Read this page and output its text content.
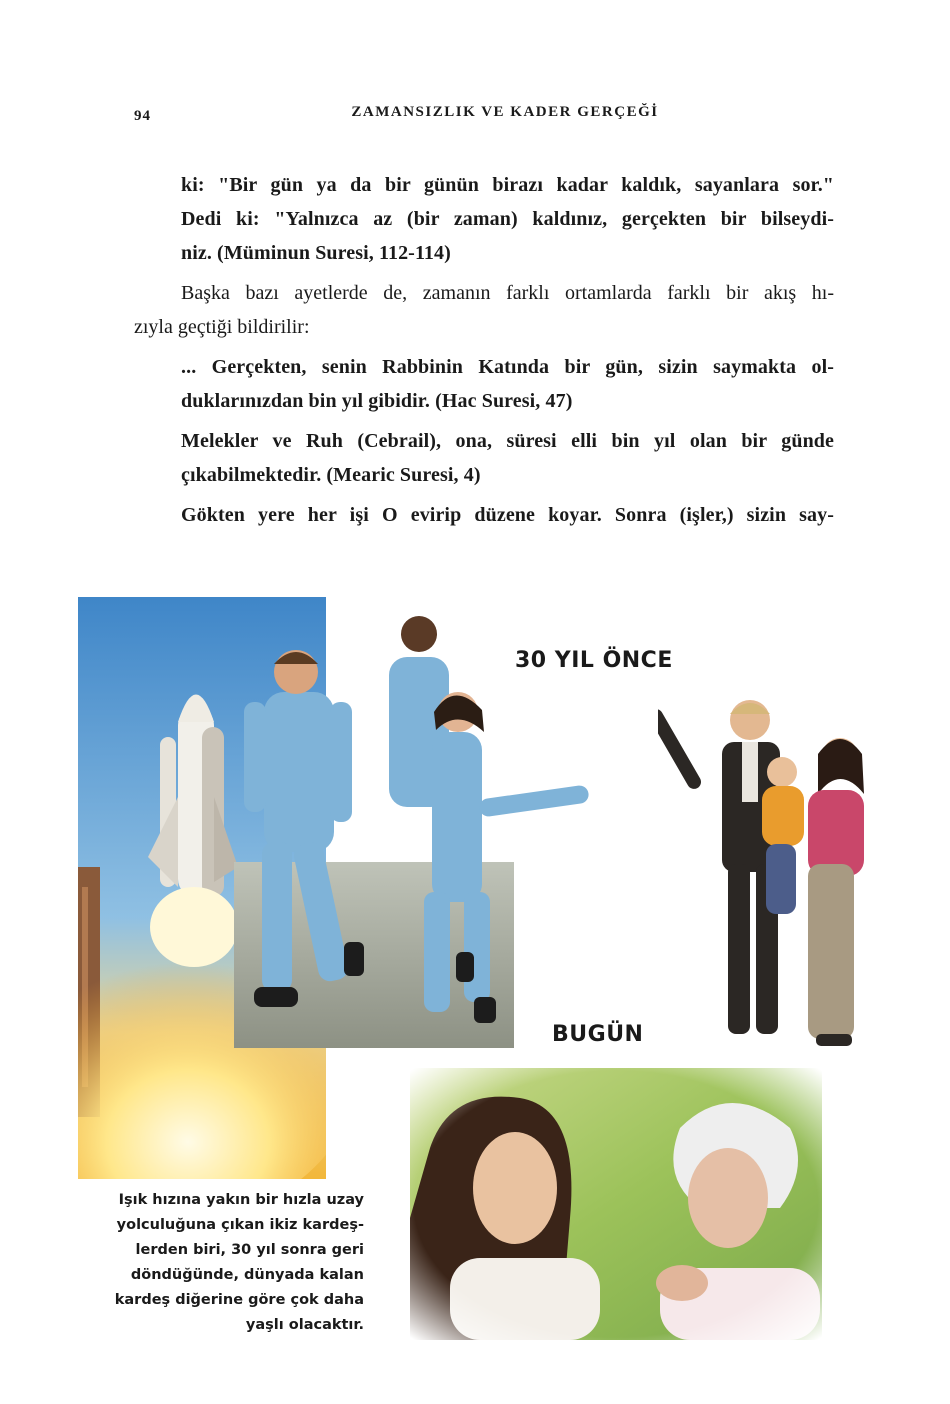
94	ZAMANSIZLIK VE KADER GERÇEĞİ

ki: "Bir gün ya da bir günün birazı kadar kaldık, sayanlara sor."
Dedi ki: "Yalnızca az (bir zaman) kaldınız, gerçekten bir bilseydi-
niz. (Müminun Suresi, 112-114)

Başka bazı ayetlerde de, zamanın farklı ortamlarda farklı bir akış hı-
zıyla geçtiği bildirilir:

... Gerçekten, senin Rabbinin Katında bir gün, sizin saymakta ol-
duklarınızdan bin yıl gibidir. (Hac Suresi, 47)

Melekler ve Ruh (Cebrail), ona, süresi elli bin yıl olan bir günde
çıkabilmektedir. (Mearic Suresi, 4)

Gökten yere her işi O evirip düzene koyar. Sonra (işler,) sizin say-

30 YIL ÖNCE
BUGÜN
Işık hızına yakın bir hızla uzay
yolculuğuna çıkan ikiz kardeş-
lerden biri, 30 yıl sonra geri
döndüğünde, dünyada kalan
kardeş diğerine göre çok daha
yaşlı olacaktır.
